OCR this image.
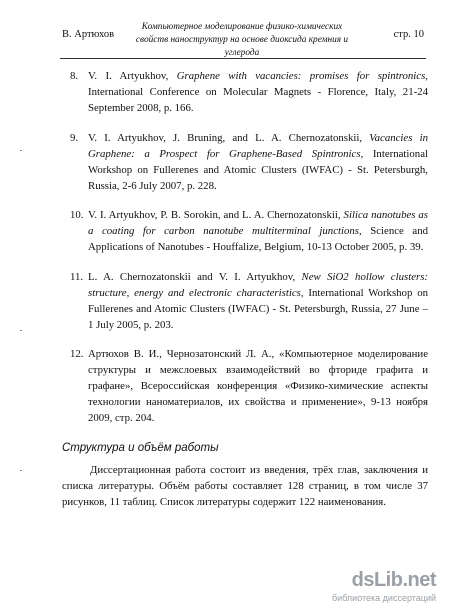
В. Артюхов
Компьютерное моделирование физико-химических свойств наноструктур на основе диоксида кремния и углерода
стр. 10
8. V. I. Artyukhov, Graphene with vacancies: promises for spintronics, International Conference on Molecular Magnets - Florence, Italy, 21-24 September 2008, p. 166.
9. V. I. Artyukhov, J. Bruning, and L. A. Chernozatonskii, Vacancies in Graphene: a Prospect for Graphene-Based Spintronics, International Workshop on Fullerenes and Atomic Clusters (IWFAC) - St. Petersburgh, Russia, 2-6 July 2007, p. 228.
10. V. I. Artyukhov, P. B. Sorokin, and L. A. Chernozatonskii, Silica nanotubes as a coating for carbon nanotube multiterminal junctions, Science and Applications of Nanotubes - Houffalize, Belgium, 10-13 October 2005, p. 39.
11. L. A. Chernozatonskii and V. I. Artyukhov, New SiO2 hollow clusters: structure, energy and electronic characteristics, International Workshop on Fullerenes and Atomic Clusters (IWFAC) - St. Petersburgh, Russia, 27 June – 1 July 2005, p. 203.
12. Артюхов В. И., Чернозатонский Л. А., «Компьютерное моделирование структуры и межслоевых взаимодействий во фториде графита и графане», Всероссийская конференция «Физико-химические аспекты технологии наноматериалов, их свойства и применение», 9-13 ноября 2009, стр. 204.
Структура и объём работы
Диссертационная работа состоит из введения, трёх глав, заключения и списка литературы. Объём работы составляет 128 страниц, в том числе 37 рисунков, 11 таблиц. Список литературы содержит 122 наименования.
dsLib.net
библиотека диссертаций
